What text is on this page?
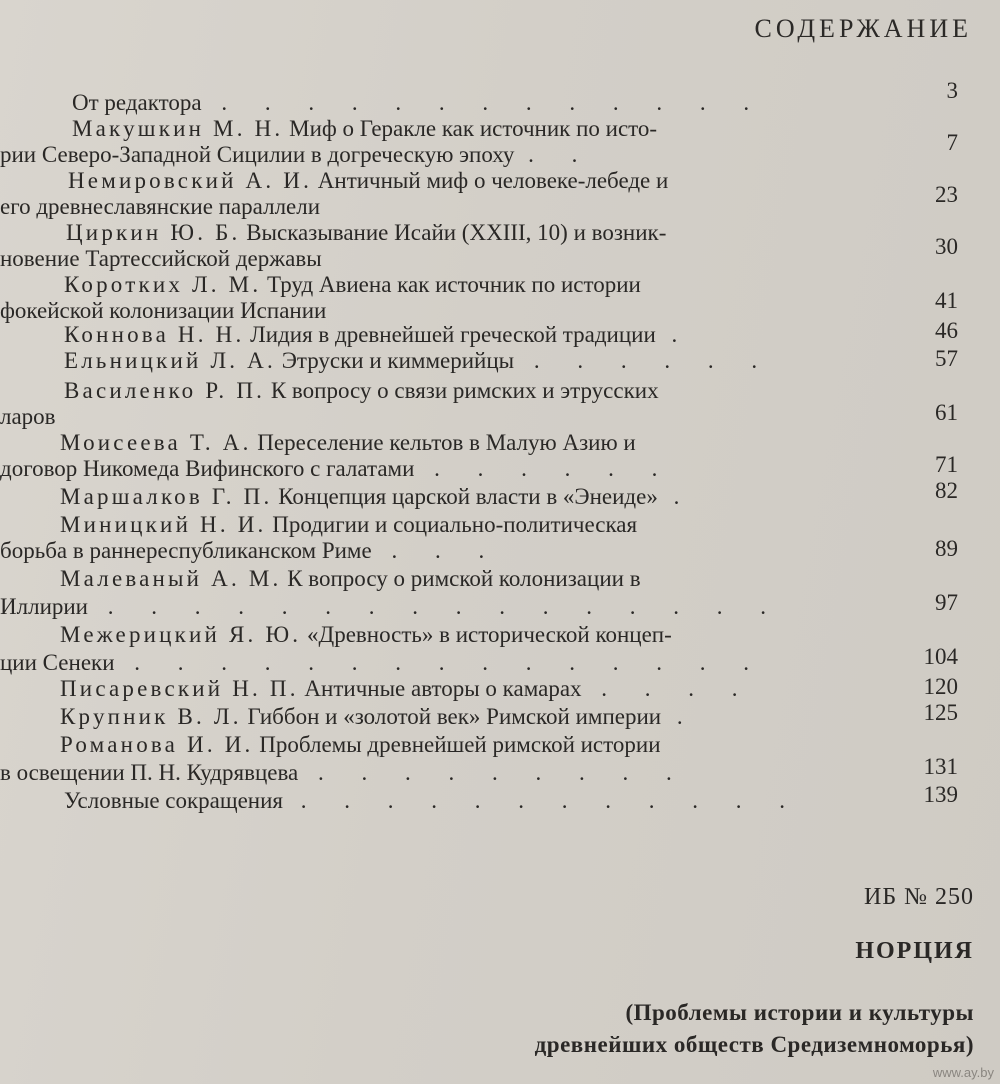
СОДЕРЖАНИЕ
От редактора . . . . . . . . . . . . .	3
Макушкин М. Н. Миф о Геракле как источник по исто-
рии Северо-Западной Сицилии в догреческую эпоху . .	7
Немировский А. И. Античный миф о человеке-лебеде и
его древнеславянские параллели	23
Циркин Ю. Б. Высказывание Исайи (XXIII, 10) и возник-
новение Тартессийской державы	30
Коротких Л. М. Труд Авиена как источник по истории
фокейской колонизации Испании	41
Коннова Н. Н. Лидия в древнейшей греческой традиции .	46
Ельницкий Л. А. Этруски и киммерийцы . . . . . .	57
Василенко Р. П. К вопросу о связи римских и этрусских
ларов	61
Моисеева Т. А. Переселение кельтов в Малую Азию и
договор Никомеда Вифинского с галатами . . . . . .	71
Маршалков Г. П. Концепция царской власти в «Энеиде» .	82
Миницкий Н. И. Продигии и социально-политическая
борьба в раннереспубликанском Риме . . .	89
Малеваный А. М. К вопросу о римской колонизации в
Иллирии . . . . . . . . . . . . . . . .	97
Межерицкий Я. Ю. «Древность» в исторической концеп-
ции Сенеки . . . . . . . . . . . . . . .	104
Писаревский Н. П. Античные авторы о камарах . . . .	120
Крупник В. Л. Гиббон и «золотой век» Римской империи .	125
Романова И. И. Проблемы древнейшей римской истории
в освещении П. Н. Кудрявцева . . . . . . . . .	131
Условные сокращения . . . . . . . . . . . .	139
ИБ № 250
НОРЦИЯ
(Проблемы истории и культуры
древнейших обществ Средиземноморья)
www.ay.by
